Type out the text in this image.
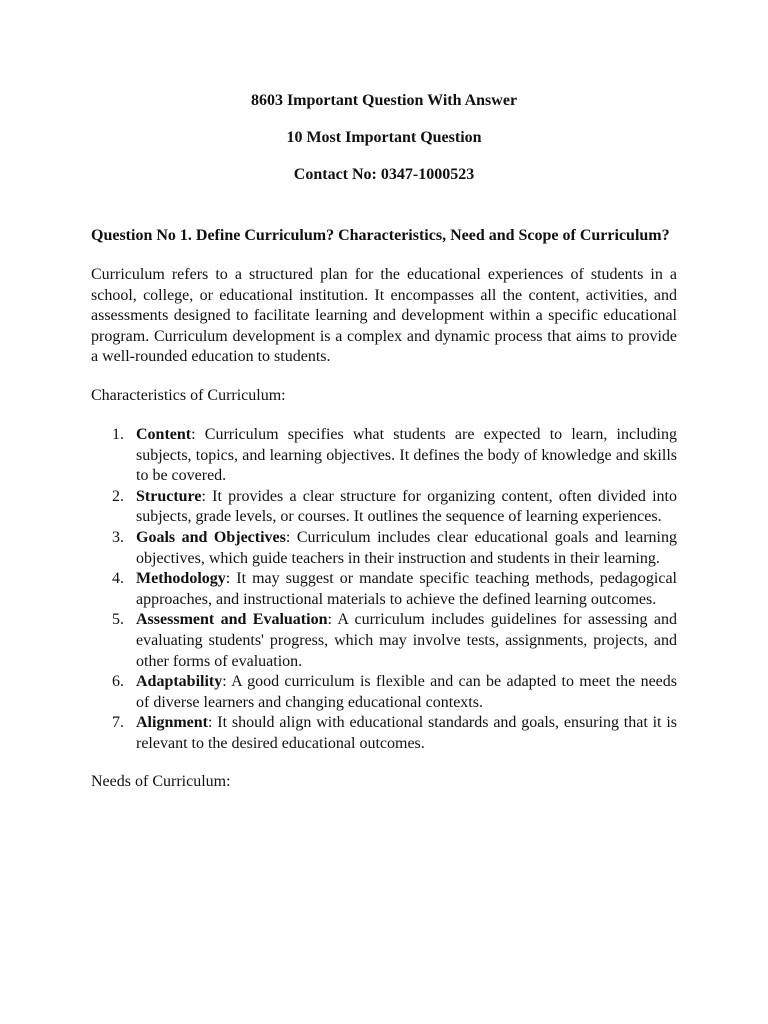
8603 Important Question With Answer
10 Most Important Question
Contact No: 0347-1000523
Question No 1. Define Curriculum? Characteristics, Need and Scope of Curriculum?
Curriculum refers to a structured plan for the educational experiences of students in a school, college, or educational institution. It encompasses all the content, activities, and assessments designed to facilitate learning and development within a specific educational program. Curriculum development is a complex and dynamic process that aims to provide a well-rounded education to students.
Characteristics of Curriculum:
1. Content: Curriculum specifies what students are expected to learn, including subjects, topics, and learning objectives. It defines the body of knowledge and skills to be covered.
2. Structure: It provides a clear structure for organizing content, often divided into subjects, grade levels, or courses. It outlines the sequence of learning experiences.
3. Goals and Objectives: Curriculum includes clear educational goals and learning objectives, which guide teachers in their instruction and students in their learning.
4. Methodology: It may suggest or mandate specific teaching methods, pedagogical approaches, and instructional materials to achieve the defined learning outcomes.
5. Assessment and Evaluation: A curriculum includes guidelines for assessing and evaluating students' progress, which may involve tests, assignments, projects, and other forms of evaluation.
6. Adaptability: A good curriculum is flexible and can be adapted to meet the needs of diverse learners and changing educational contexts.
7. Alignment: It should align with educational standards and goals, ensuring that it is relevant to the desired educational outcomes.
Needs of Curriculum:
